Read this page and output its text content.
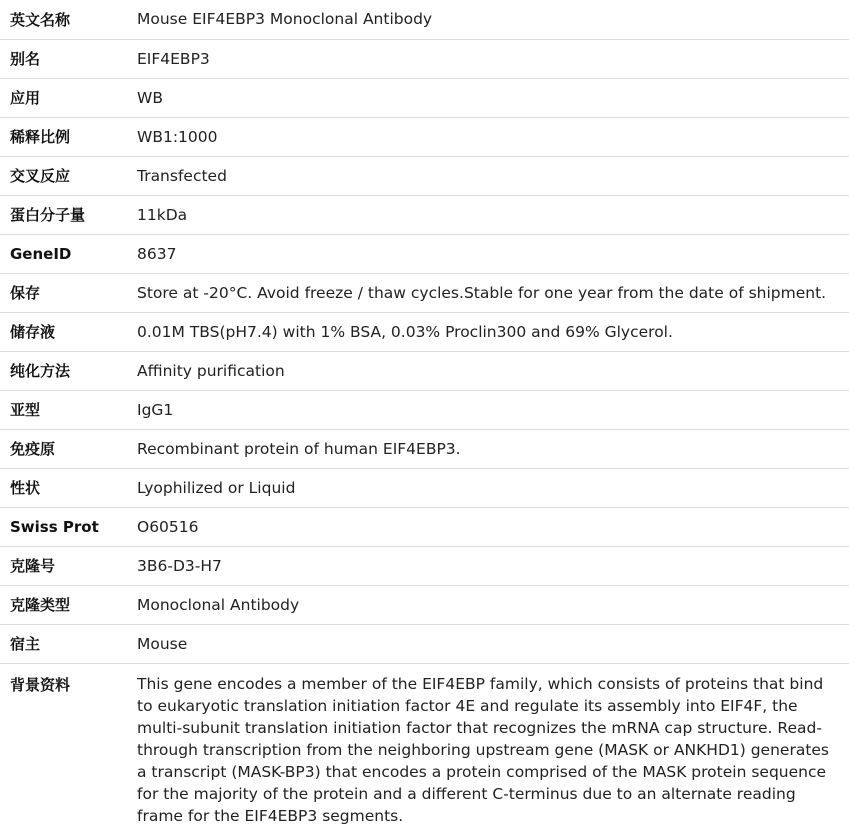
英文名称	Mouse EIF4EBP3 Monoclonal Antibody
别名	EIF4EBP3
应用	WB
稀释比例	WB1:1000
交叉反应	Transfected
蛋白分子量	11kDa
GeneID	8637
保存	Store at -20°C. Avoid freeze / thaw cycles.Stable for one year from the date of shipment.
储存液	0.01M TBS(pH7.4) with 1% BSA, 0.03% Proclin300 and 69% Glycerol.
纯化方法	Affinity purification
亚型	IgG1
免疫原	Recombinant protein of human EIF4EBP3.
性状	Lyophilized or Liquid
Swiss Prot	O60516
克隆号	3B6-D3-H7
克隆类型	Monoclonal Antibody
宿主	Mouse
背景资料	This gene encodes a member of the EIF4EBP family, which consists of proteins that bind to eukaryotic translation initiation factor 4E and regulate its assembly into EIF4F, the multi-subunit translation initiation factor that recognizes the mRNA cap structure. Read-through transcription from the neighboring upstream gene (MASK or ANKHD1) generates a transcript (MASK-BP3) that encodes a protein comprised of the MASK protein sequence for the majority of the protein and a different C-terminus due to an alternate reading frame for the EIF4EBP3 segments.
